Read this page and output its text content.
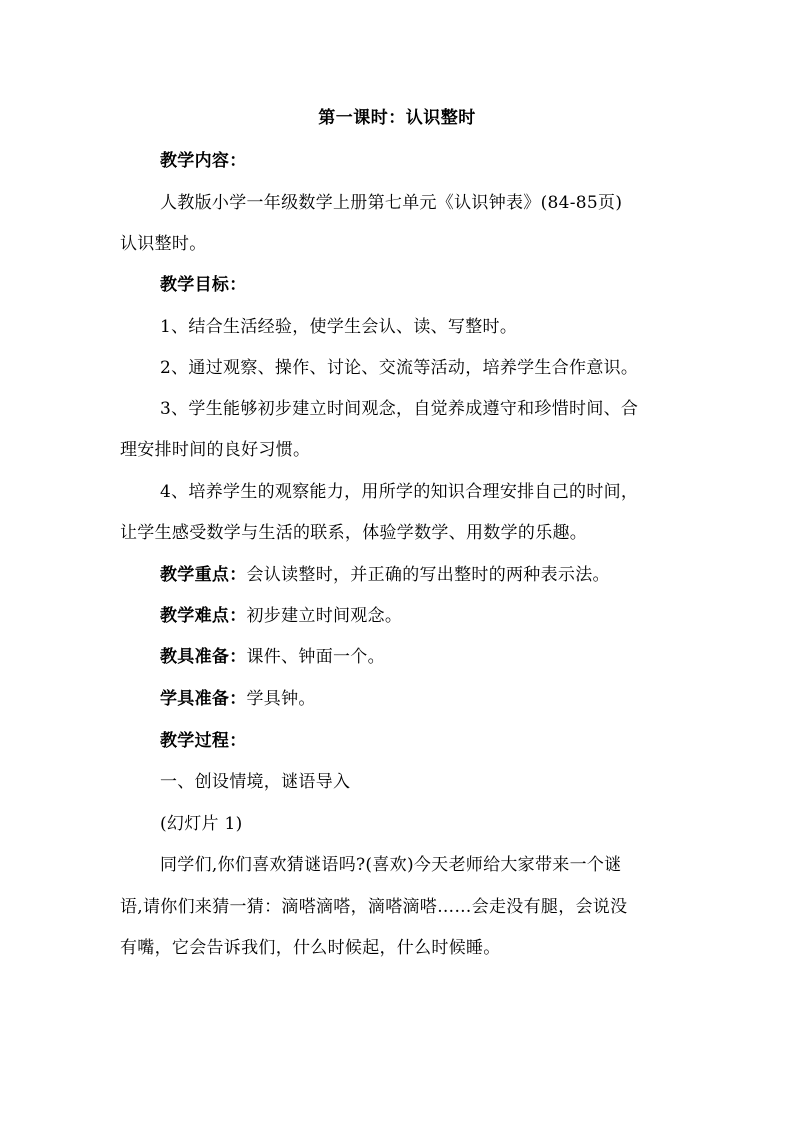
第一课时：认识整时
教学内容：
人教版小学一年级数学上册第七单元《认识钟表》(84-85页)
认识整时。
教学目标：
1、结合生活经验，使学生会认、读、写整时。
2、通过观察、操作、讨论、交流等活动，培养学生合作意识。
3、学生能够初步建立时间观念，自觉养成遵守和珍惜时间、合
理安排时间的良好习惯。
4、培养学生的观察能力，用所学的知识合理安排自己的时间，
让学生感受数学与生活的联系，体验学数学、用数学的乐趣。
教学重点：会认读整时，并正确的写出整时的两种表示法。
教学难点：初步建立时间观念。
教具准备：课件、钟面一个。
学具准备：学具钟。
教学过程：
一、创设情境，谜语导入
(幻灯片 1)
同学们,你们喜欢猜谜语吗?(喜欢)今天老师给大家带来一个谜
语,请你们来猜一猜：滴嗒滴嗒，滴嗒滴嗒……会走没有腿，会说没
有嘴，它会告诉我们，什么时候起，什么时候睡。
